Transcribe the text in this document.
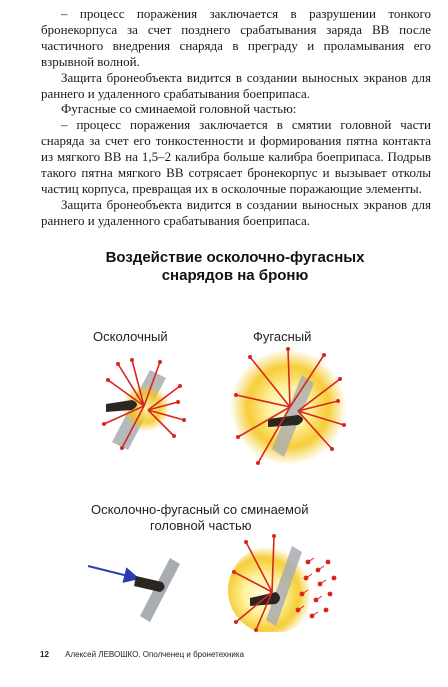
– процесс поражения заключается в разрушении тонкого бронекорпуса за счет позднего срабатывания заряда ВВ после частичного внедрения снаряда в преграду и проламывания его взрывной волной.

Защита бронеобъекта видится в создании выносных экранов для раннего и удаленного срабатывания боеприпаса.

Фугасные со сминаемой головной частью:

– процесс поражения заключается в смятии головной части снаряда за счет его тонкостенности и формирования пятна контакта из мягкого ВВ на 1,5–2 калибра больше калибра боеприпаса. Подрыв такого пятна мягкого ВВ сотрясает бронекорпус и вызывает отколы частиц корпуса, превращая их в осколочные поражающие элементы.

Защита бронеобъекта видится в создании выносных экранов для раннего и удаленного срабатывания боеприпаса.

Воздействие осколочно-фугасных
снарядов на броню
Осколочный	Фугасный
Осколочно-фугасный со сминаемой
головной частью
12 Алексей ЛЕВОШКО. Ополченец и бронетехника
